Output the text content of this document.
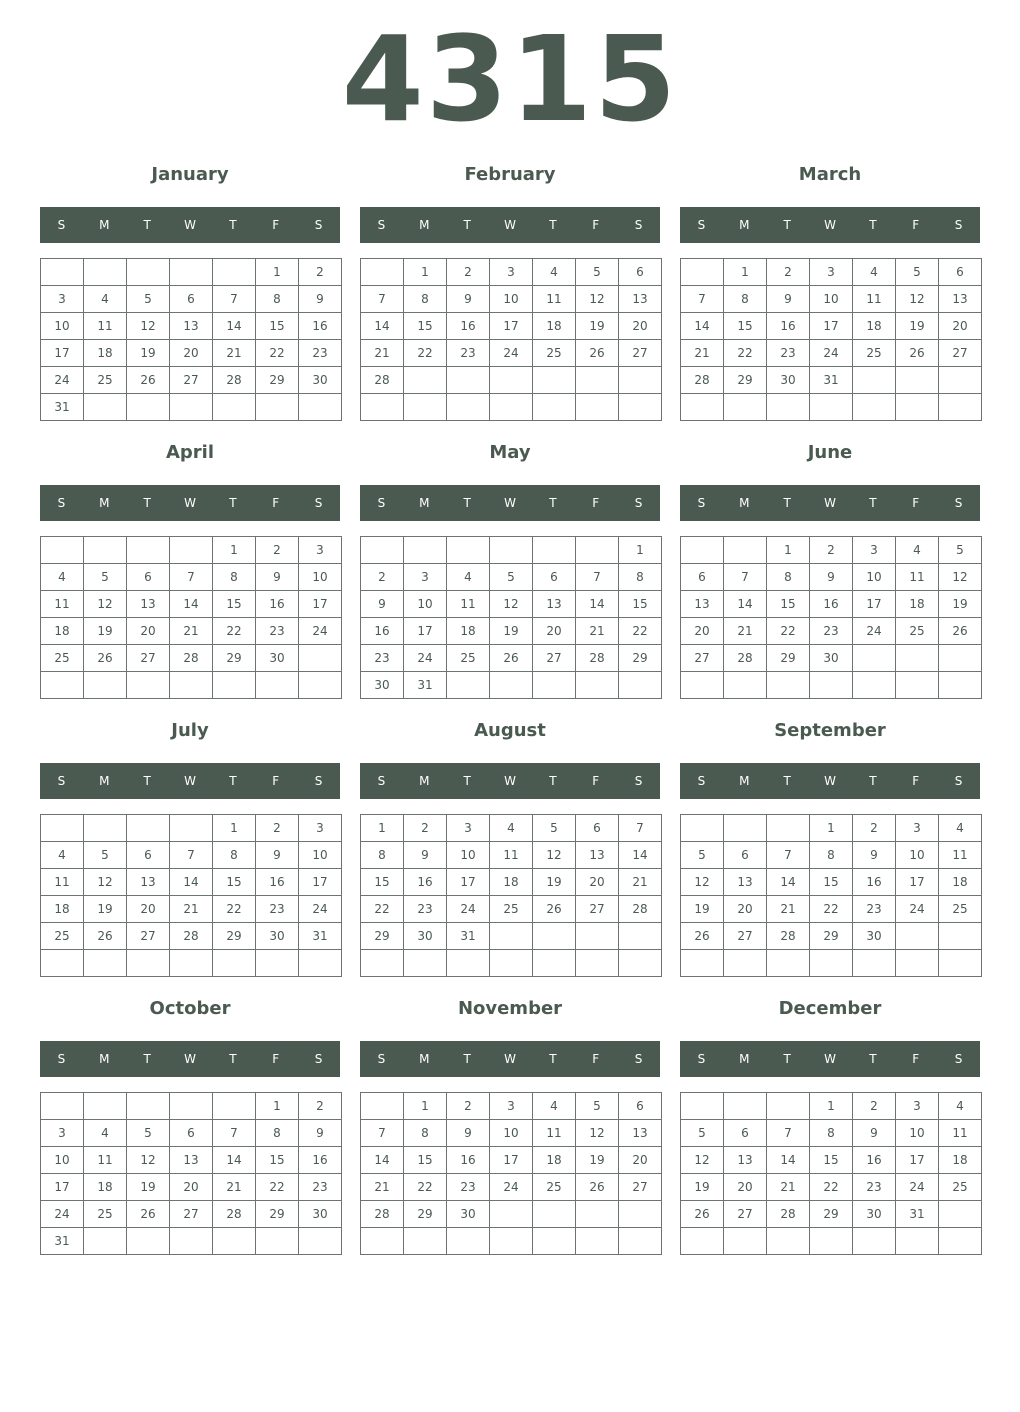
4315
January
S	M	T	W	T	F	S
					1	2
3	4	5	6	7	8	9
10	11	12	13	14	15	16
17	18	19	20	21	22	23
24	25	26	27	28	29	30
31						
February
S	M	T	W	T	F	S
	1	2	3	4	5	6
7	8	9	10	11	12	13
14	15	16	17	18	19	20
21	22	23	24	25	26	27
28						

March
S	M	T	W	T	F	S
	1	2	3	4	5	6
7	8	9	10	11	12	13
14	15	16	17	18	19	20
21	22	23	24	25	26	27
28	29	30	31			

April
S	M	T	W	T	F	S
				1	2	3
4	5	6	7	8	9	10
11	12	13	14	15	16	17
18	19	20	21	22	23	24
25	26	27	28	29	30	

May
S	M	T	W	T	F	S
						1
2	3	4	5	6	7	8
9	10	11	12	13	14	15
16	17	18	19	20	21	22
23	24	25	26	27	28	29
30	31					
June
S	M	T	W	T	F	S
		1	2	3	4	5
6	7	8	9	10	11	12
13	14	15	16	17	18	19
20	21	22	23	24	25	26
27	28	29	30			

July
S	M	T	W	T	F	S
				1	2	3
4	5	6	7	8	9	10
11	12	13	14	15	16	17
18	19	20	21	22	23	24
25	26	27	28	29	30	31

August
S	M	T	W	T	F	S
1	2	3	4	5	6	7
8	9	10	11	12	13	14
15	16	17	18	19	20	21
22	23	24	25	26	27	28
29	30	31				

September
S	M	T	W	T	F	S
			1	2	3	4
5	6	7	8	9	10	11
12	13	14	15	16	17	18
19	20	21	22	23	24	25
26	27	28	29	30		

October
S	M	T	W	T	F	S
					1	2
3	4	5	6	7	8	9
10	11	12	13	14	15	16
17	18	19	20	21	22	23
24	25	26	27	28	29	30
31						
November
S	M	T	W	T	F	S
	1	2	3	4	5	6
7	8	9	10	11	12	13
14	15	16	17	18	19	20
21	22	23	24	25	26	27
28	29	30				

December
S	M	T	W	T	F	S
			1	2	3	4
5	6	7	8	9	10	11
12	13	14	15	16	17	18
19	20	21	22	23	24	25
26	27	28	29	30	31	
